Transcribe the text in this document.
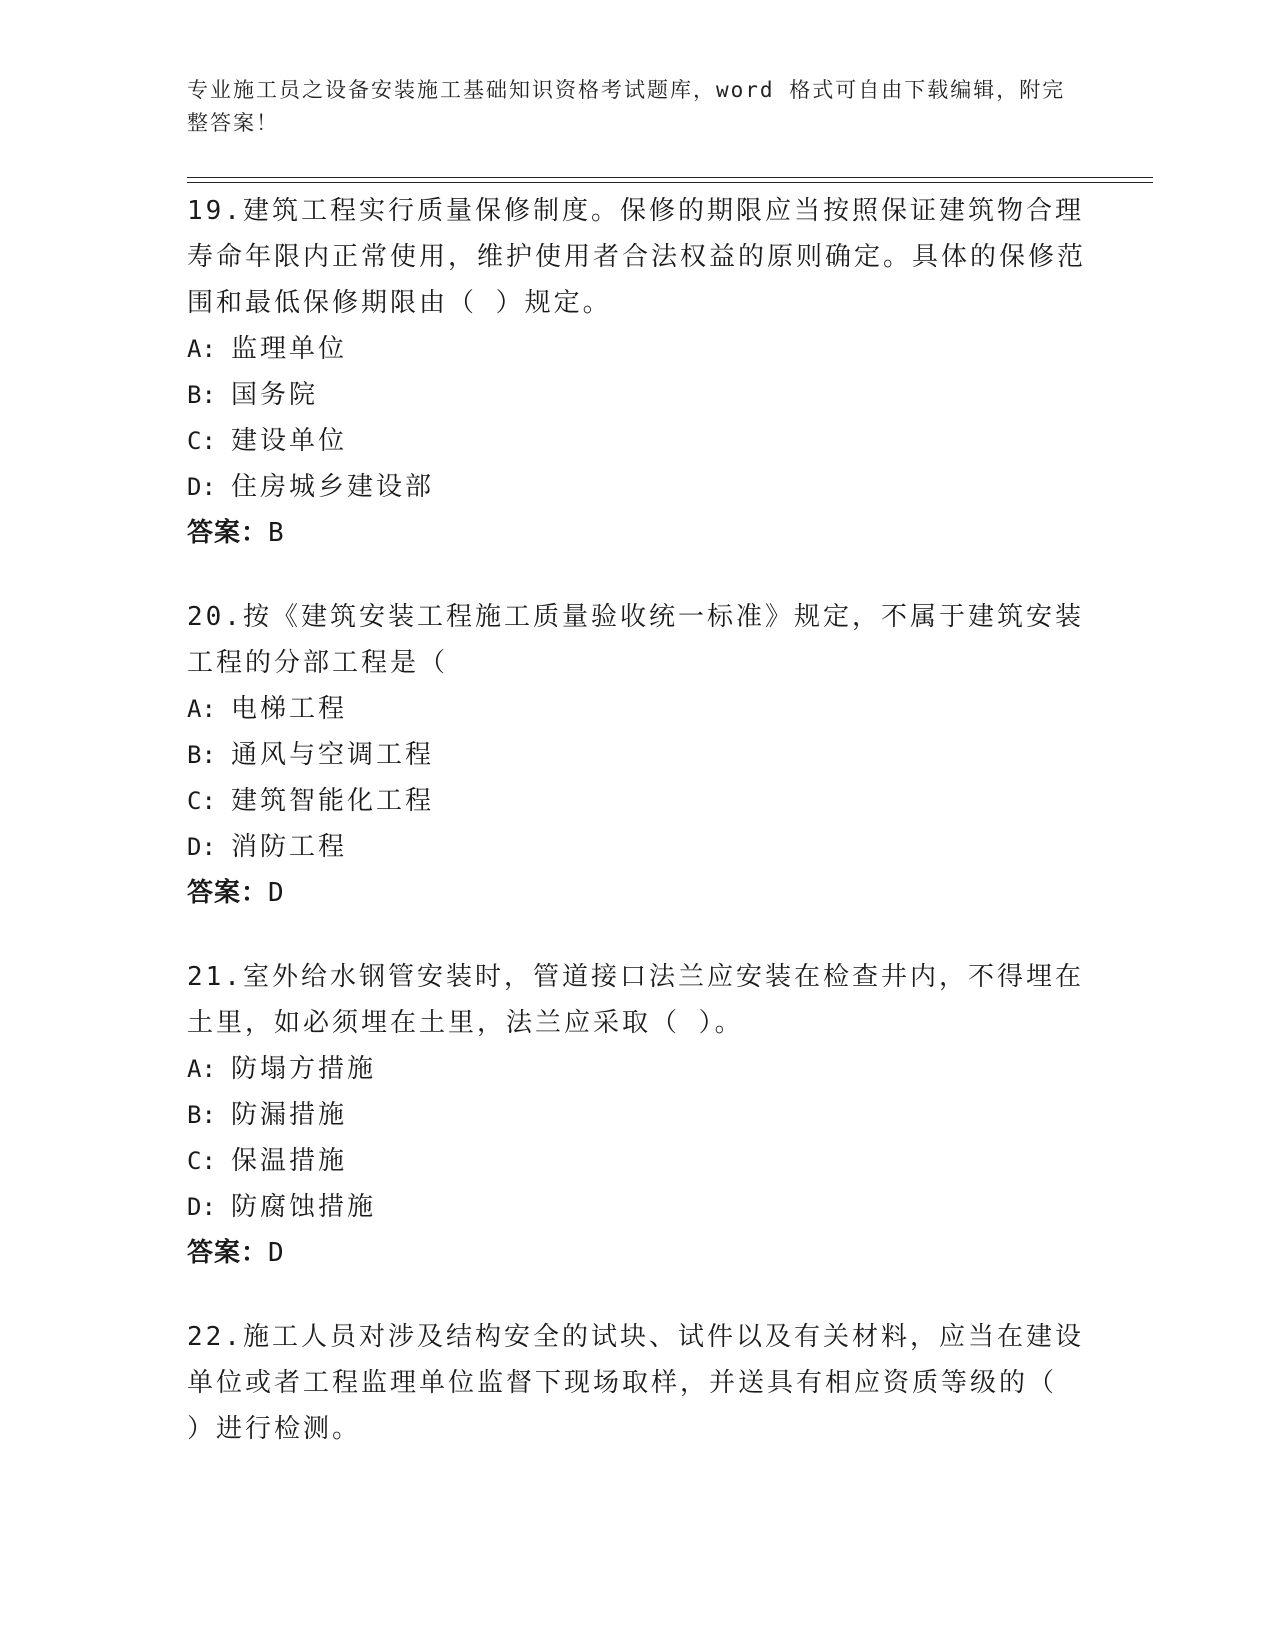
专业施工员之设备安装施工基础知识资格考试题库，word 格式可自由下载编辑，附完整答案！

19.建筑工程实行质量保修制度。保修的期限应当按照保证建筑物合理寿命年限内正常使用，维护使用者合法权益的原则确定。具体的保修范围和最低保修期限由（ ）规定。

A: 监理单位

B: 国务院

C: 建设单位

D: 住房城乡建设部

答案：B

20.按《建筑安装工程施工质量验收统一标准》规定，不属于建筑安装工程的分部工程是（

A: 电梯工程

B: 通风与空调工程

C: 建筑智能化工程

D: 消防工程

答案：D

21.室外给水钢管安装时，管道接口法兰应安装在检查井内，不得埋在土里，如必须埋在土里，法兰应采取（ ）。

A: 防塌方措施

B: 防漏措施

C: 保温措施

D: 防腐蚀措施

答案：D

22.施工人员对涉及结构安全的试块、试件以及有关材料，应当在建设单位或者工程监理单位监督下现场取样，并送具有相应资质等级的（ ）进行检测。
